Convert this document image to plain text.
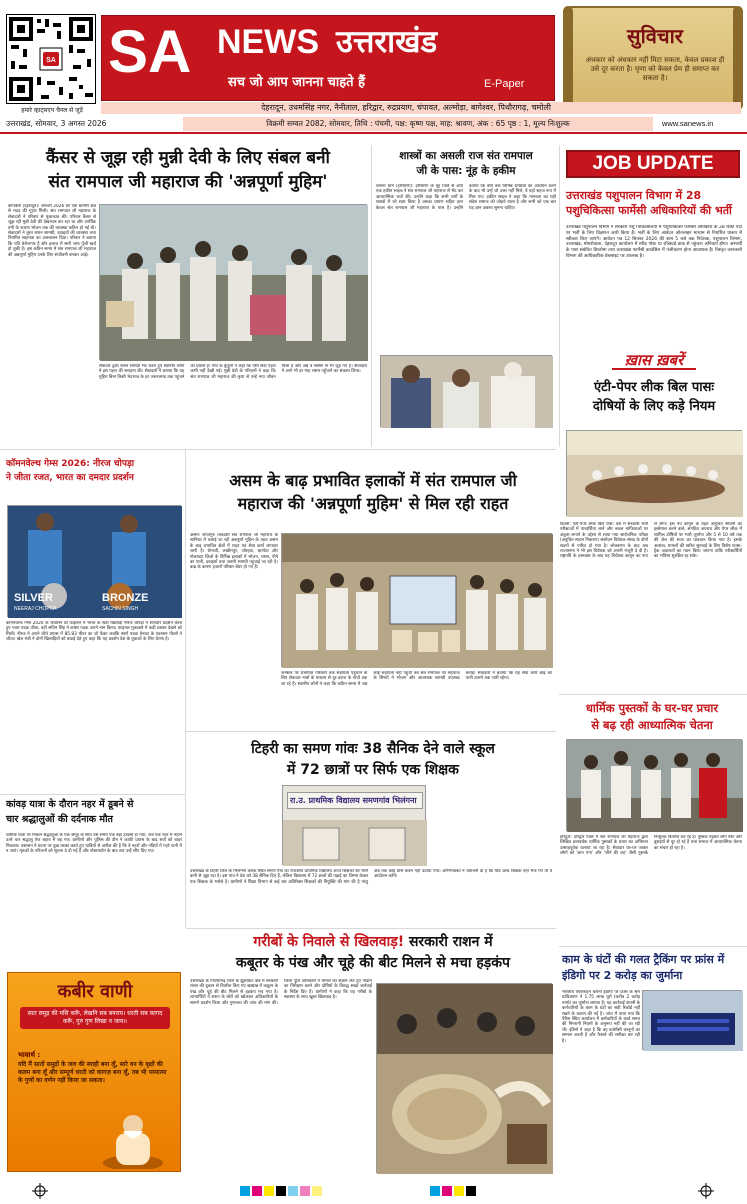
SA
हमारे व्हाट्सएप चैनल से जुड़ें
SA NEWS उत्तराखंड
सच जो आप जानना चाहते हैं	E-Paper
सुविचार
अंधकार को अंधकार नहीं मिटा सकता, केवल प्रकाश ही उसे दूर करता है। घृणा को केवल प्रेम ही समाप्त कर सकता है।
देहरादून, उधमसिंह नगर, नैनीताल, हरिद्वार, रुद्रप्रयाग, चंपावत, अल्मोड़ा, बागेश्वर, पिथौरागढ़, चमोली
उत्तराखंड, सोमवार, 3 अगस्त 2026	विक्रमी सम्वत 2082, सोमवार, तिथि : पंचमी, पक्ष: कृष्ण पक्ष, माह: श्रावण, अंक : 65 पृष्ठ : 1, मूल्य निःशुल्क	www.sanews.in
कैंसर से जूझ रही मुन्नी देवी के लिए संबल बनी
संत रामपाल जी महाराज की 'अन्नपूर्णा मुहिम'
कपिकेश (देहरादून): जनवरी 2026 को एक ग्रामीण क्षेत्र से मदद की गुहार मिली। संत रामपाल जी महाराज के सेवादारों ने परिवार से मुलाकात की। परिवार कैंसर से जूझ रही मुन्नी देवी की देखभाल कर रहा था और आर्थिक तंगी के कारण भोजन तक की व्यवस्था कठिन हो गई थी। सेवादारों ने तुरंत राशन सामग्री, दवाइयों की व्यवस्था तथा नियमित सहायता का आश्वासन दिया। परिवार ने बताया कि पति बेरोजगार है और इलाज में सारी जमा पूँजी खर्च हो चुकी है। इस कठिन समय में संत रामपाल जी महाराज की अन्नपूर्णा मुहिम उनके लिए संजीवनी बनकर आई।
सेवादार द्वारा राशन सामग्री भेंट करते हुए स्थानीय लोगों ने इस पहल की सराहना की। सेवादारों ने बताया कि यह मुहिम बिना किसी भेदभाव के हर जरूरतमंद तक पहुंचने का प्रयास है। गांव के बुजुर्गों ने कहा कि ऐसी सेवा पहले कभी नहीं देखी गई। मुन्नी देवी के परिजनों ने कहा कि संत रामपाल जी महाराज की कृपा से उन्हें नया जीवन मिला है और अब वे सत्संग से भी जुड़ गए हैं। सेवादारों ने आगे भी हर माह राशन पहुँचाने का संकल्प लिया।
शास्त्रों का असली राज संत रामपाल
जी के पास: नूंह के हकीम
धनाना धाम (हरियाणा): हरियाणा के नूंह जिले से आए एक हकीम साहब ने संत रामपाल जी महाराज से भेंट कर आध्यात्मिक चर्चा की। उन्होंने कहा कि सभी धर्मों के शास्त्रों में जो सत्य छिपा है उसका प्रमाण सहित ज्ञान केवल संत रामपाल जी महाराज के पास है। उन्होंने बताया कि वर्षों तक विभिन्न धर्मग्रंथों का अध्ययन करने के बाद भी उन्हें जो उत्तर नहीं मिले, वे यहाँ सहज रूप में मिल गए। हकीम साहब ने कहा कि मानवता का यही संदेश समाज को जोड़ने वाला है और सभी को एक बार यह ज्ञान अवश्य सुनना चाहिए।
JOB UPDATE
उत्तराखंड पशुपालन विभाग में 28 पशुचिकित्सा फार्मेसी अधिकारियों की भर्ती
उत्तराखंड पशुपालन विभाग ने सरकारी पशु चिकित्सालयों में पशुचिकित्सा फार्मेसी अधिकारी के 28 रिक्त पदों पर भर्ती के लिए विज्ञापन जारी किया है। भर्ती के लिए आवेदन ऑनलाइन माध्यम से निर्धारित प्रारूप में स्वीकार किए जाएंगे। आवेदन पत्र 12 सितंबर 2026 की शाम 5 बजे तक निदेशक, पशुपालन विभाग, उत्तराखंड, मोथरोवाला, देहरादून कार्यालय में स्पीड पोस्ट या रजिस्टर्ड डाक से पहुंचना अनिवार्य होगा। अभ्यर्थी के पास संबंधित डिप्लोमा तथा उत्तराखंड फार्मेसी काउंसिल में पंजीकरण होना आवश्यक है। विस्तृत जानकारी विभाग की आधिकारिक वेबसाइट पर उपलब्ध है।
ख़ास ख़बरें
एंटी-पेपर लीक बिल पासः
दोषियों के लिए कड़े नियम
दिल्ली: एंटी-पेपर लीक बिल पास: देश में सरकारी भर्ती परीक्षाओं में पारदर्शिता लाने और नकल माफियाओं पर अंकुश लगाने के उद्देश्य से लाया गया सार्वजनिक परीक्षा (अनुचित साधन निवारण) संशोधन विधेयक संसद के दोनों सदनों से पारित हो गया है। लोकसभा के बाद अब राज्यसभा ने भी इस विधेयक को अपनी मंजूरी दे दी है। राष्ट्रपति के हस्ताक्षर के बाद यह विधेयक कानून का रूप ले लेगा। इस नए कानून के तहत अनुचित साधनों का इस्तेमाल करने वाले, संगठित अपराध और पेपर लीक में शामिल दोषियों पर भारी जुर्माना और 5 से 10 वर्ष तक की जेल की सजा का प्रावधान किया गया है। इसके अलावा, मामलों की त्वरित सुनवाई के लिए विशेष फास्ट-ट्रैक अदालतों का गठन किया जाएगा ताकि परीक्षार्थियों का भविष्य सुरक्षित रह सके।
कॉमनवेल्थ गेम्स 2026: नीरज चोपड़ा
ने जीता रजत, भारत का दमदार प्रदर्शन
SILVER
NEERAJ CHOPRA
BRONZE
SACHIN SINGH
कॉमनवेल्थ गेम्स 2026 के जैवलिन थ्रो फाइनल में भारत के स्टार खिलाड़ी नीरज चोपड़ा ने शानदार प्रदर्शन करते हुए रजत पदक जीता, वहीं सचिन सिंह ने कांस्य पदक अपने नाम किया। फाइनल मुकाबले में कड़ी टक्कर देखने को मिली। नीरज ने अपने चौथे प्रयास में 85.83 मीटर का थ्रो फेंका जबकि स्वर्ण पदक ग्रेनाडा के एंडरसन पीटर्स ने जीता। खेल मंत्री ने दोनों खिलाड़ियों को बधाई देते हुए कहा कि यह प्रदर्शन देश के युवाओं के लिए प्रेरणा है।
कांवड़ यात्रा के दौरान नहर में डूबने से
चार श्रद्धालुओं की दर्दनाक मौत
धार्मिक यात्रा पर निकले श्रद्धालुओं के एक समूह के साथ उस समय एक बड़ा हादसा हो गया, जब एक नहर में नहाने उतरे चार श्रद्धालु तेज बहाव में बह गए। ग्रामीणों और पुलिस की टीम ने काफी प्रयास के बाद शवों को बाहर निकाला। प्रशासन ने घटना पर दुख व्यक्त करते हुए यात्रियों से अपील की है कि वे नहरों और नदियों में गहरे पानी में न जाएं। मृतकों के परिजनों को सूचना दे दी गई है और पोस्टमार्टम के बाद शव उन्हें सौंप दिए गए।
कबीर वाणी
सात समुद्र की मसि करूँ, लेखनि सब बनराय। धरती सब कागद करूँ, गुरु गुण लिखा न जाय॥
भावार्थ :
यदि मैं सातों समुद्रों के जल की स्याही बना लूँ, सारे वन के वृक्षों की कलम बना लूँ और सम्पूर्ण धरती को कागज़ बना लूँ, तब भी परमात्मा के गुणों का वर्णन नहीं किया जा सकता।
असम के बाढ़ प्रभावित इलाकों में संत रामपाल जी
महाराज की 'अन्नपूर्णा मुहिम' से मिल रही राहत
असमः जगतगुरु तत्वदर्शी संत रामपाल जी महाराज के सानिध्य में चलाई जा रही अन्नपूर्णा मुहिम के तहत असम के बाढ़ प्रभावित क्षेत्रों में राहत एवं सेवा कार्य लगातार जारी है। धेमाजी, लखीमपुर, जोरहाट, बारपेटा और गोलाघाट जिलों के विभिन्न इलाकों में भोजन, राशन, पीने का पानी, दवाइयाँ तथा जरूरी सामग्री पहुंचाई जा रही है। बाढ़ के कारण हजारों परिवार बेघर हो गए हैं।
जनस्तर पर प्रभावित परिवारों तक सहायता पहुंचाने के लिए सेवादार नावों के माध्यम से दूर-दराज के गांवों तक जा रहे हैं। स्थानीय लोगों ने कहा कि कठिन समय में जब कोई सहायता नहीं पहुंची तब संत रामपाल जी महाराज के शिष्यों ने भोजन और आवश्यक सामग्री उपलब्ध कराई। सेवादारों ने बताया कि यह सेवा कार्य बाढ़ का पानी उतरने तक जारी रहेगा।
टिहरी का समण गांवः 38 सैनिक देने वाले स्कूल
में 72 छात्रों पर सिर्फ एक शिक्षक
रा.उ. प्राथमिक विद्यालय समणगांव भिलंगना
उत्तराखंड के टिहरी जिले के भिलंगना ब्लॉक स्थित समण गांव का राजकीय प्राथमिक विद्यालय आज शिक्षकों की भारी कमी से जूझ रहा है। इस गांव ने देश को 38 सैनिक दिए हैं, लेकिन विद्यालय में 72 छात्रों की पढ़ाई का जिम्मा केवल एक शिक्षक के भरोसे है। ग्रामीणों ने शिक्षा विभाग से कई बार अतिरिक्त शिक्षकों की नियुक्ति की मांग की है परंतु अब तक कोई ठोस कदम नहीं उठाया गया। अभिभावकों ने चेतावनी दी है कि यदि जल्द शिक्षक नहीं भेजे गए तो वे आंदोलन करेंगे।
धार्मिक पुस्तकों के घर-घर प्रचार
से बढ़ रही आध्यात्मिक चेतना
हरिद्वार: हरिद्वार जिले में संत रामपाल जी महाराज द्वारा लिखित ज्ञानवर्धक धार्मिक पुस्तकों के प्रचार का अभियान उत्साहपूर्वक चलाया जा रहा है। सेवादार घर-घर जाकर लोगों को 'ज्ञान गंगा' और 'जीने की राह' जैसी पुस्तकें निःशुल्क वितरित कर रहे हैं। पुस्तक पढ़कर लोग नशा और बुराइयों से दूर हो रहे हैं तथा समाज में आध्यात्मिक चेतना का संचार हो रहा है।
गरीबों के निवाले से खिलवाड़! सरकारी राशन में
कबूतर के पंख और चूहे की बीट मिलने से मचा हड़कंप
उत्तराखंड के पिथौरागढ़ जिले के झूलाघाट क्षेत्र में सरकारी राशन की दुकान से वितरित किए गए खाद्यान्न में कबूतर के पंख और चूहे की बीट मिलने से हड़कंप मच गया है। लाभार्थियों ने राशन के बोरों को खोलकर अधिकारियों के सामने प्रदर्शन किया और गुणवत्ता की जांच की मांग की। जिला पूर्ति अधिकारी ने मामले का संज्ञान लेते हुए गोदाम का निरीक्षण करने और दोषियों के विरुद्ध सख्त कार्रवाई के निर्देश दिए हैं। ग्रामीणों ने कहा कि यह गरीबों के स्वास्थ्य के साथ खुला खिलवाड़ है।
काम के घंटों की गलत ट्रैकिंग पर फ्रांस में इंडिगो पर 2 करोड़ का जुर्माना
भारतीय एयरलाइन कंपनी इंडिगो पर फ्रांस के श्रम प्राधिकरण ने 1.75 लाख यूरो (करीब 2 करोड़ रुपये) का जुर्माना लगाया है। यह कार्रवाई कंपनी के कर्मचारियों के काम के घंटों का सही रिकॉर्ड नहीं रखने के कारण की गई है। जांच में पाया गया कि पेरिस स्थित कार्यालय में कर्मचारियों के कार्य समय की निगरानी नियमों के अनुरूप नहीं की जा रही थी। इंडिगो ने कहा है कि वह फ्रांसीसी कानूनों का सम्मान करती है और फैसले की समीक्षा कर रही है।
